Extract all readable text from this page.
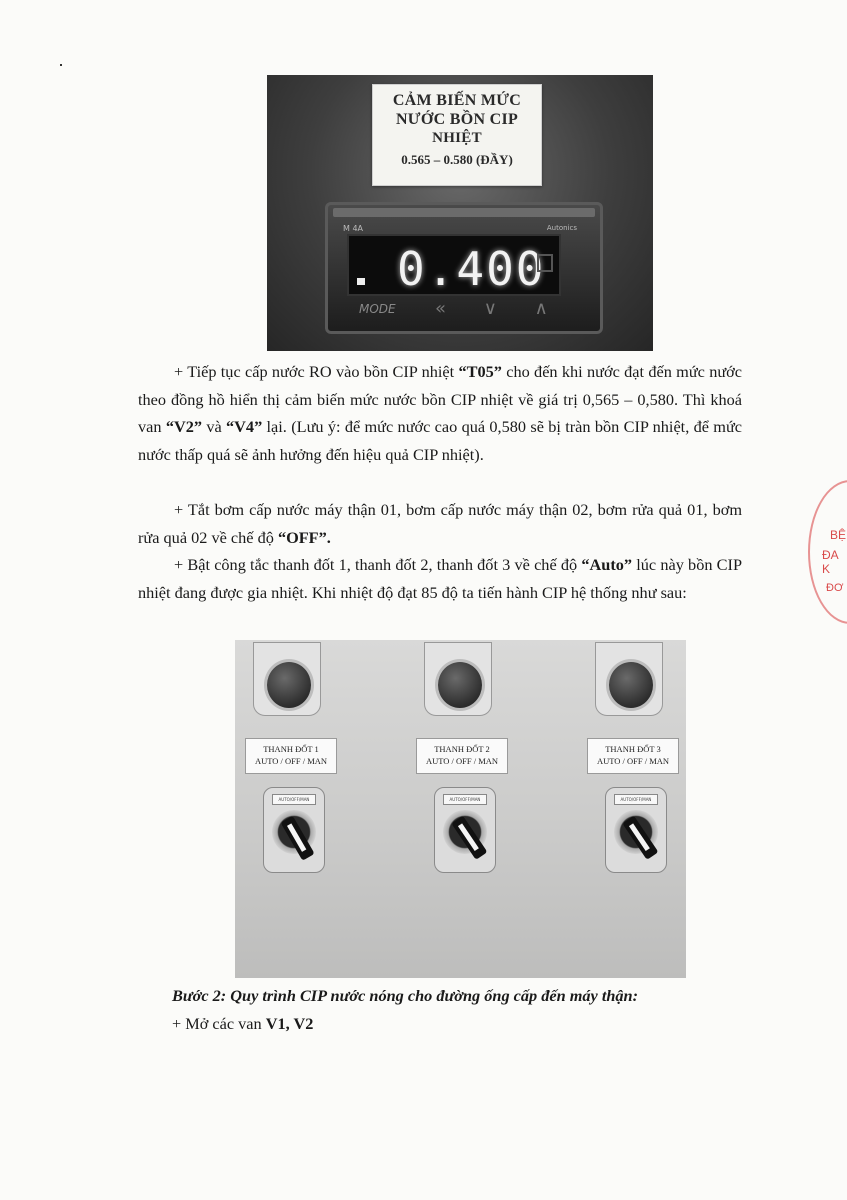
CẢM BIẾN MỨC
NƯỚC BỒN CIP
NHIỆT
0.565 – 0.580 (ĐẦY)
M 4A	Autonics
0.400
MODE « ∨ ∧

+ Tiếp tục cấp nước RO vào bồn CIP nhiệt “T05” cho đến khi nước đạt đến mức nước theo đồng hồ hiển thị cảm biến mức nước bồn CIP nhiệt về giá trị 0,565 – 0,580. Thì khoá van “V2” và “V4” lại. (Lưu ý: để mức nước cao quá 0,580 sẽ bị tràn bồn CIP nhiệt, để mức nước thấp quá sẽ ảnh hưởng đến hiệu quả CIP nhiệt).

+ Tắt bơm cấp nước máy thận 01, bơm cấp nước máy thận 02, bơm rửa quả 01, bơm rửa quả 02 về chế độ “OFF”.

+ Bật công tắc thanh đốt 1, thanh đốt 2, thanh đốt 3 về chế độ “Auto” lúc này bồn CIP nhiệt đang được gia nhiệt. Khi nhiệt độ đạt 85 độ ta tiến hành CIP hệ thống như sau:

THANH ĐỐT 1
AUTO / OFF / MAN
AUTO/OFF/MAN
THANH ĐỐT 2
AUTO / OFF / MAN
AUTO/OFF/MAN
THANH ĐỐT 3
AUTO / OFF / MAN
AUTO/OFF/MAN

Bước 2: Quy trình CIP nước nóng cho đường ống cấp đến máy thận:

+ Mở các van V1, V2

BỆ
ĐA K
ĐƠ
